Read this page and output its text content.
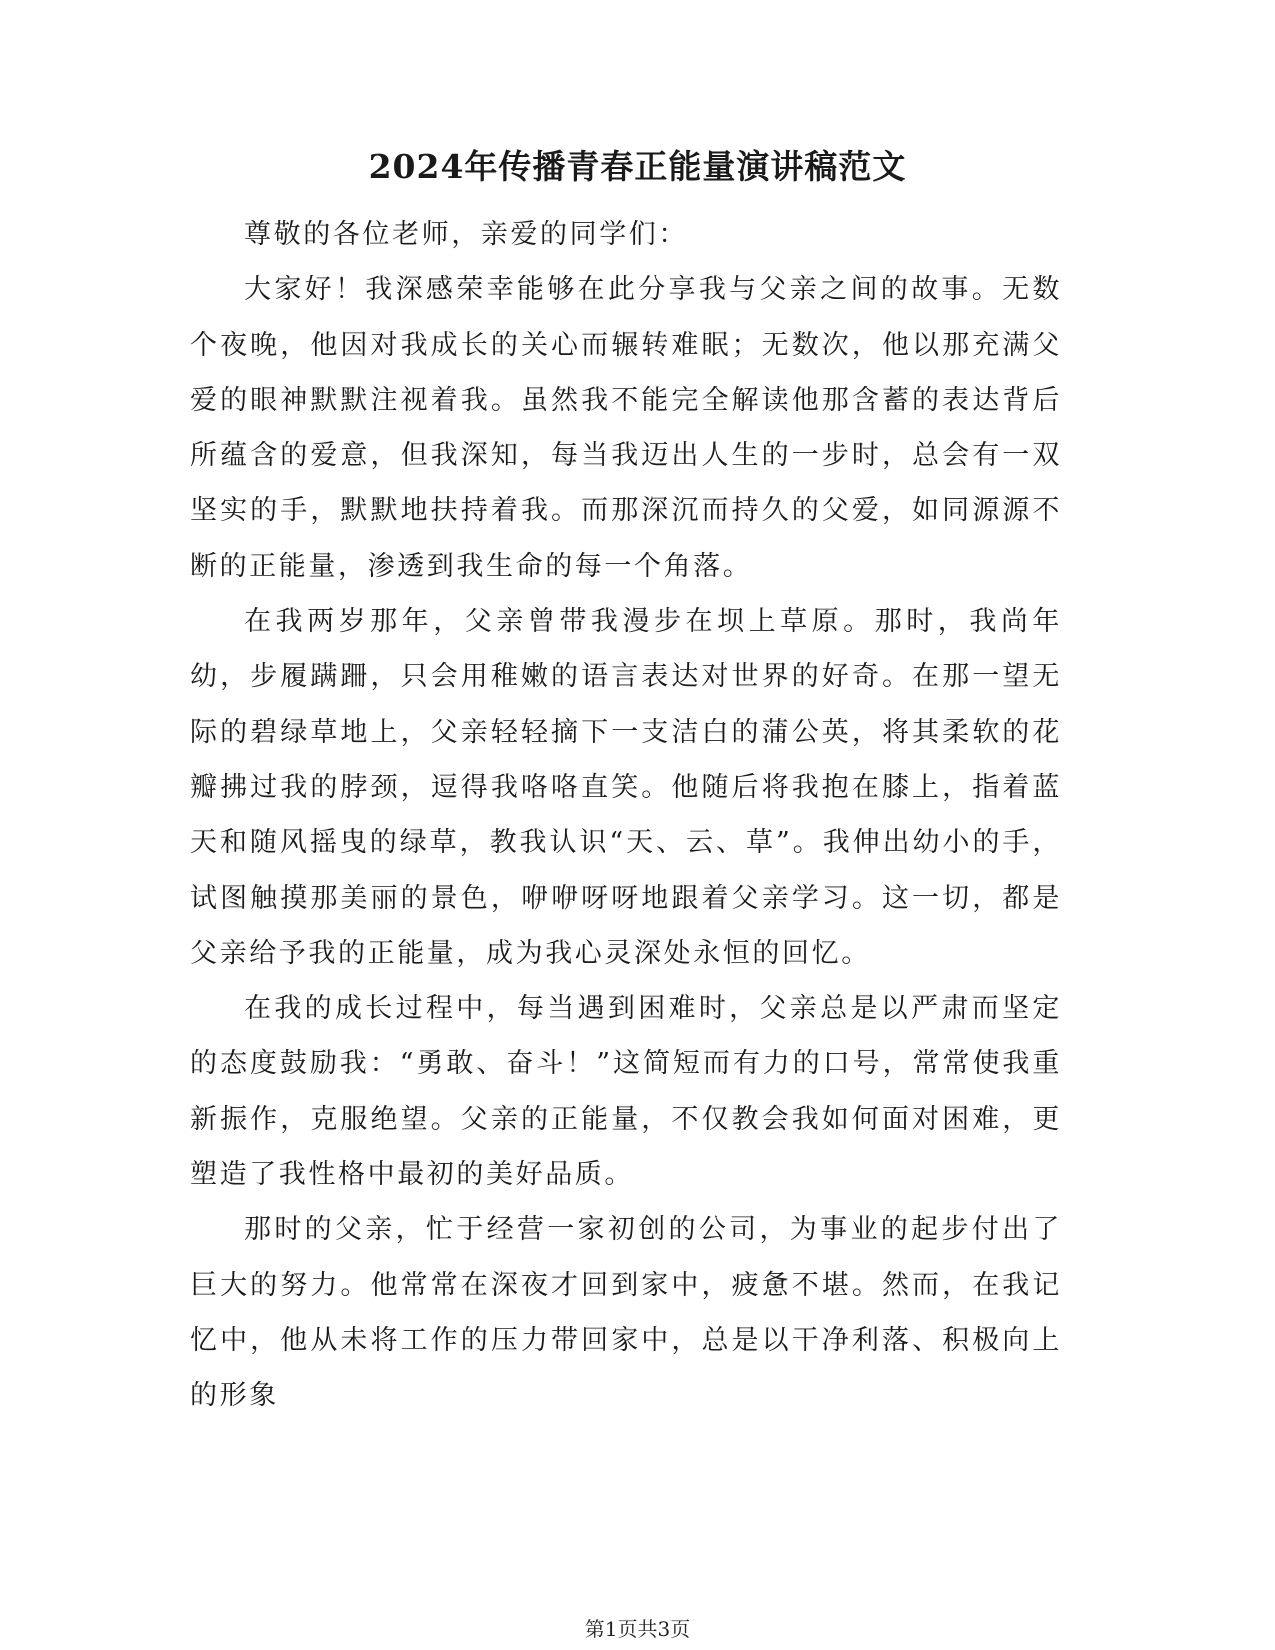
2024年传播青春正能量演讲稿范文

尊敬的各位老师，亲爱的同学们：

大家好！我深感荣幸能够在此分享我与父亲之间的故事。无数个夜晚，他因对我成长的关心而辗转难眠；无数次，他以那充满父爱的眼神默默注视着我。虽然我不能完全解读他那含蓄的表达背后所蕴含的爱意，但我深知，每当我迈出人生的一步时，总会有一双坚实的手，默默地扶持着我。而那深沉而持久的父爱，如同源源不断的正能量，渗透到我生命的每一个角落。

在我两岁那年，父亲曾带我漫步在坝上草原。那时，我尚年幼，步履蹒跚，只会用稚嫩的语言表达对世界的好奇。在那一望无际的碧绿草地上，父亲轻轻摘下一支洁白的蒲公英，将其柔软的花瓣拂过我的脖颈，逗得我咯咯直笑。他随后将我抱在膝上，指着蓝天和随风摇曳的绿草，教我认识“天、云、草”。我伸出幼小的手，试图触摸那美丽的景色，咿咿呀呀地跟着父亲学习。这一切，都是父亲给予我的正能量，成为我心灵深处永恒的回忆。

在我的成长过程中，每当遇到困难时，父亲总是以严肃而坚定的态度鼓励我：“勇敢、奋斗！”这简短而有力的口号，常常使我重新振作，克服绝望。父亲的正能量，不仅教会我如何面对困难，更塑造了我性格中最初的美好品质。

那时的父亲，忙于经营一家初创的公司，为事业的起步付出了巨大的努力。他常常在深夜才回到家中，疲惫不堪。然而，在我记忆中，他从未将工作的压力带回家中，总是以干净利落、积极向上的形象

第1页共3页
